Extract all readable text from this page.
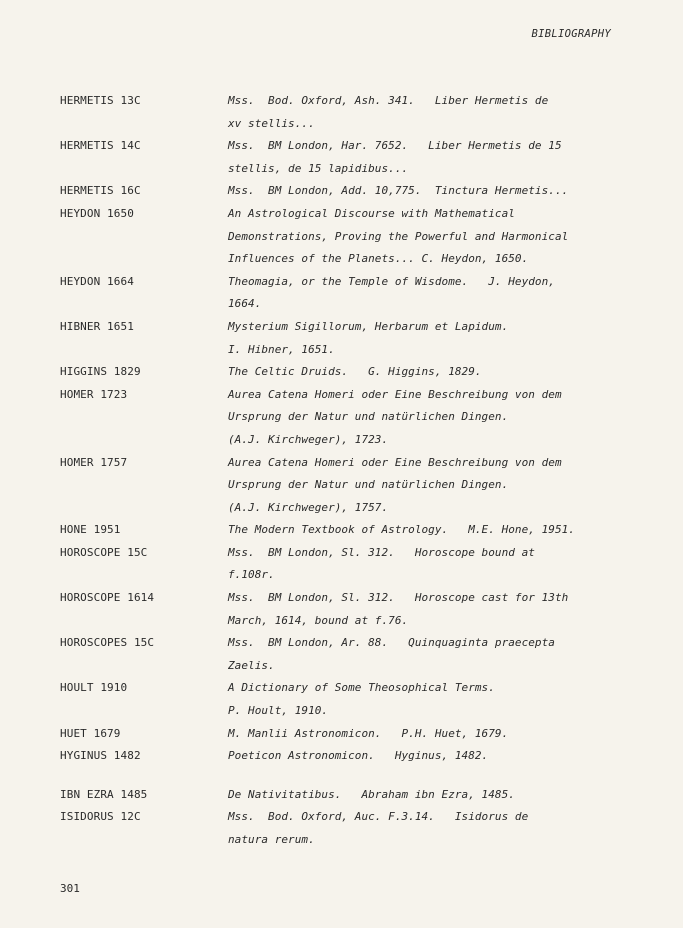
BIBLIOGRAPHY
HERMETIS 13C	Mss.  Bod. Oxford, Ash. 341.   Liber Hermetis de
xv stellis...
HERMETIS 14C	Mss.  BM London, Har. 7652.   Liber Hermetis de 15
stellis, de 15 lapidibus...
HERMETIS 16C	Mss.  BM London, Add. 10,775.  Tinctura Hermetis...
HEYDON 1650	An Astrological Discourse with Mathematical
Demonstrations, Proving the Powerful and Harmonical
Influences of the Planets... C. Heydon, 1650.
HEYDON 1664	Theomagia, or the Temple of Wisdome.   J. Heydon,
1664.
HIBNER 1651	Mysterium Sigillorum, Herbarum et Lapidum.
I. Hibner, 1651.
HIGGINS 1829	The Celtic Druids.   G. Higgins, 1829.
HOMER 1723	Aurea Catena Homeri oder Eine Beschreibung von dem
Ursprung der Natur und natürlichen Dingen.
(A.J. Kirchweger), 1723.
HOMER 1757	Aurea Catena Homeri oder Eine Beschreibung von dem
Ursprung der Natur und natürlichen Dingen.
(A.J. Kirchweger), 1757.
HONE 1951	The Modern Textbook of Astrology.   M.E. Hone, 1951.
HOROSCOPE 15C	Mss.  BM London, Sl. 312.   Horoscope bound at
f.108r.
HOROSCOPE 1614	Mss.  BM London, Sl. 312.   Horoscope cast for 13th
March, 1614, bound at f.76.
HOROSCOPES 15C	Mss.  BM London, Ar. 88.   Quinquaginta praecepta
Zaelis.
HOULT 1910	A Dictionary of Some Theosophical Terms.
P. Hoult, 1910.
HUET 1679	M. Manlii Astronomicon.   P.H. Huet, 1679.
HYGINUS 1482	Poeticon Astronomicon.   Hyginus, 1482.
IBN EZRA 1485	De Nativitatibus.   Abraham ibn Ezra, 1485.
ISIDORUS 12C	Mss.  Bod. Oxford, Auc. F.3.14.   Isidorus de
natura rerum.
301
